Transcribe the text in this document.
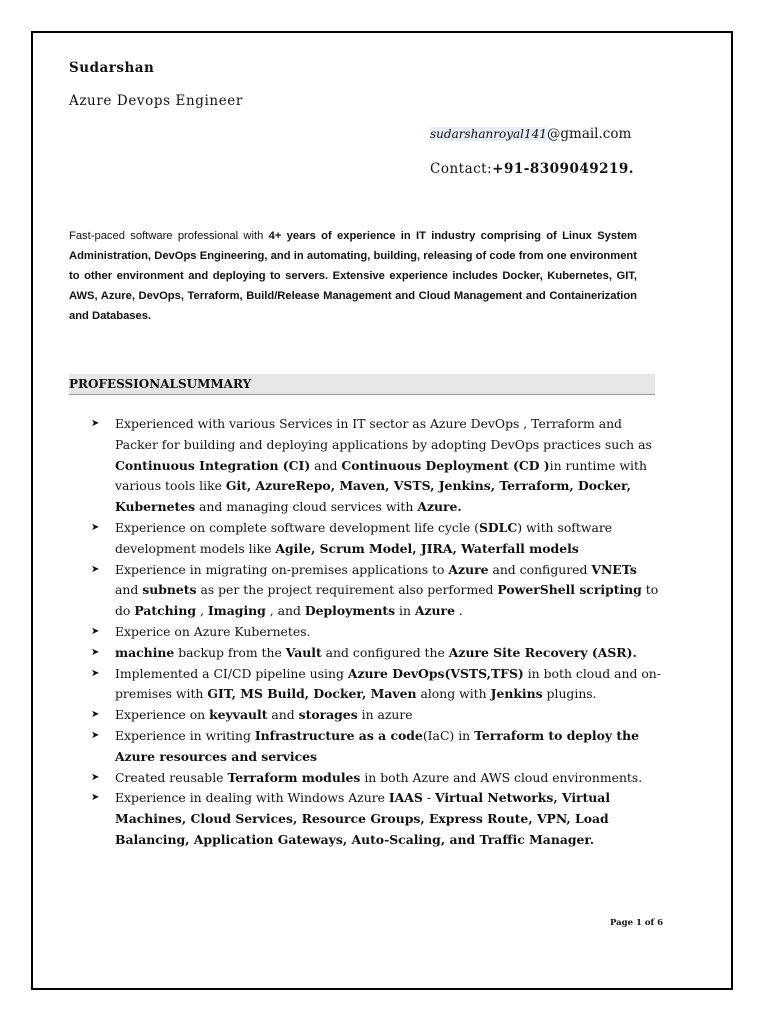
Sudarshan
Azure Devops Engineer
sudarshanroyal141@gmail.com
Contact:+91-8309049219.
Fast-paced software professional with 4+ years of experience in IT industry comprising of Linux System Administration, DevOps Engineering, and in automating, building, releasing of code from one environment to other environment and deploying to servers. Extensive experience includes Docker, Kubernetes, GIT, AWS, Azure, DevOps, Terraform, Build/Release Management and Cloud Management and Containerization and Databases.
PROFESSIONALSUMMARY
➤	Experienced with various Services in IT sector as Azure DevOps , Terraform and Packer for building and deploying applications by adopting DevOps practices such as Continuous Integration (CI) and Continuous Deployment (CD )in runtime with various tools like Git, AzureRepo, Maven, VSTS, Jenkins, Terraform, Docker, Kubernetes and managing cloud services with Azure.
➤	Experience on complete software development life cycle (SDLC) with software development models like Agile, Scrum Model, JIRA, Waterfall models
➤	Experience in migrating on-premises applications to Azure and configured VNETs and subnets as per the project requirement also performed PowerShell scripting to do Patching , Imaging , and Deployments in Azure .
➤	Experice on Azure Kubernetes.
➤	machine backup from the Vault and configured the Azure Site Recovery (ASR).
➤	Implemented a CI/CD pipeline using Azure DevOps(VSTS,TFS) in both cloud and on-premises with GIT, MS Build, Docker, Maven along with Jenkins plugins.
➤	Experience on keyvault and storages in azure
➤	Experience in writing Infrastructure as a code(IaC) in Terraform to deploy the Azure resources and services
➤	Created reusable Terraform modules in both Azure and AWS cloud environments.
➤	Experience in dealing with Windows Azure IAAS - Virtual Networks, Virtual Machines, Cloud Services, Resource Groups, Express Route, VPN, Load Balancing, Application Gateways, Auto-Scaling, and Traffic Manager.
Page 1 of 6
